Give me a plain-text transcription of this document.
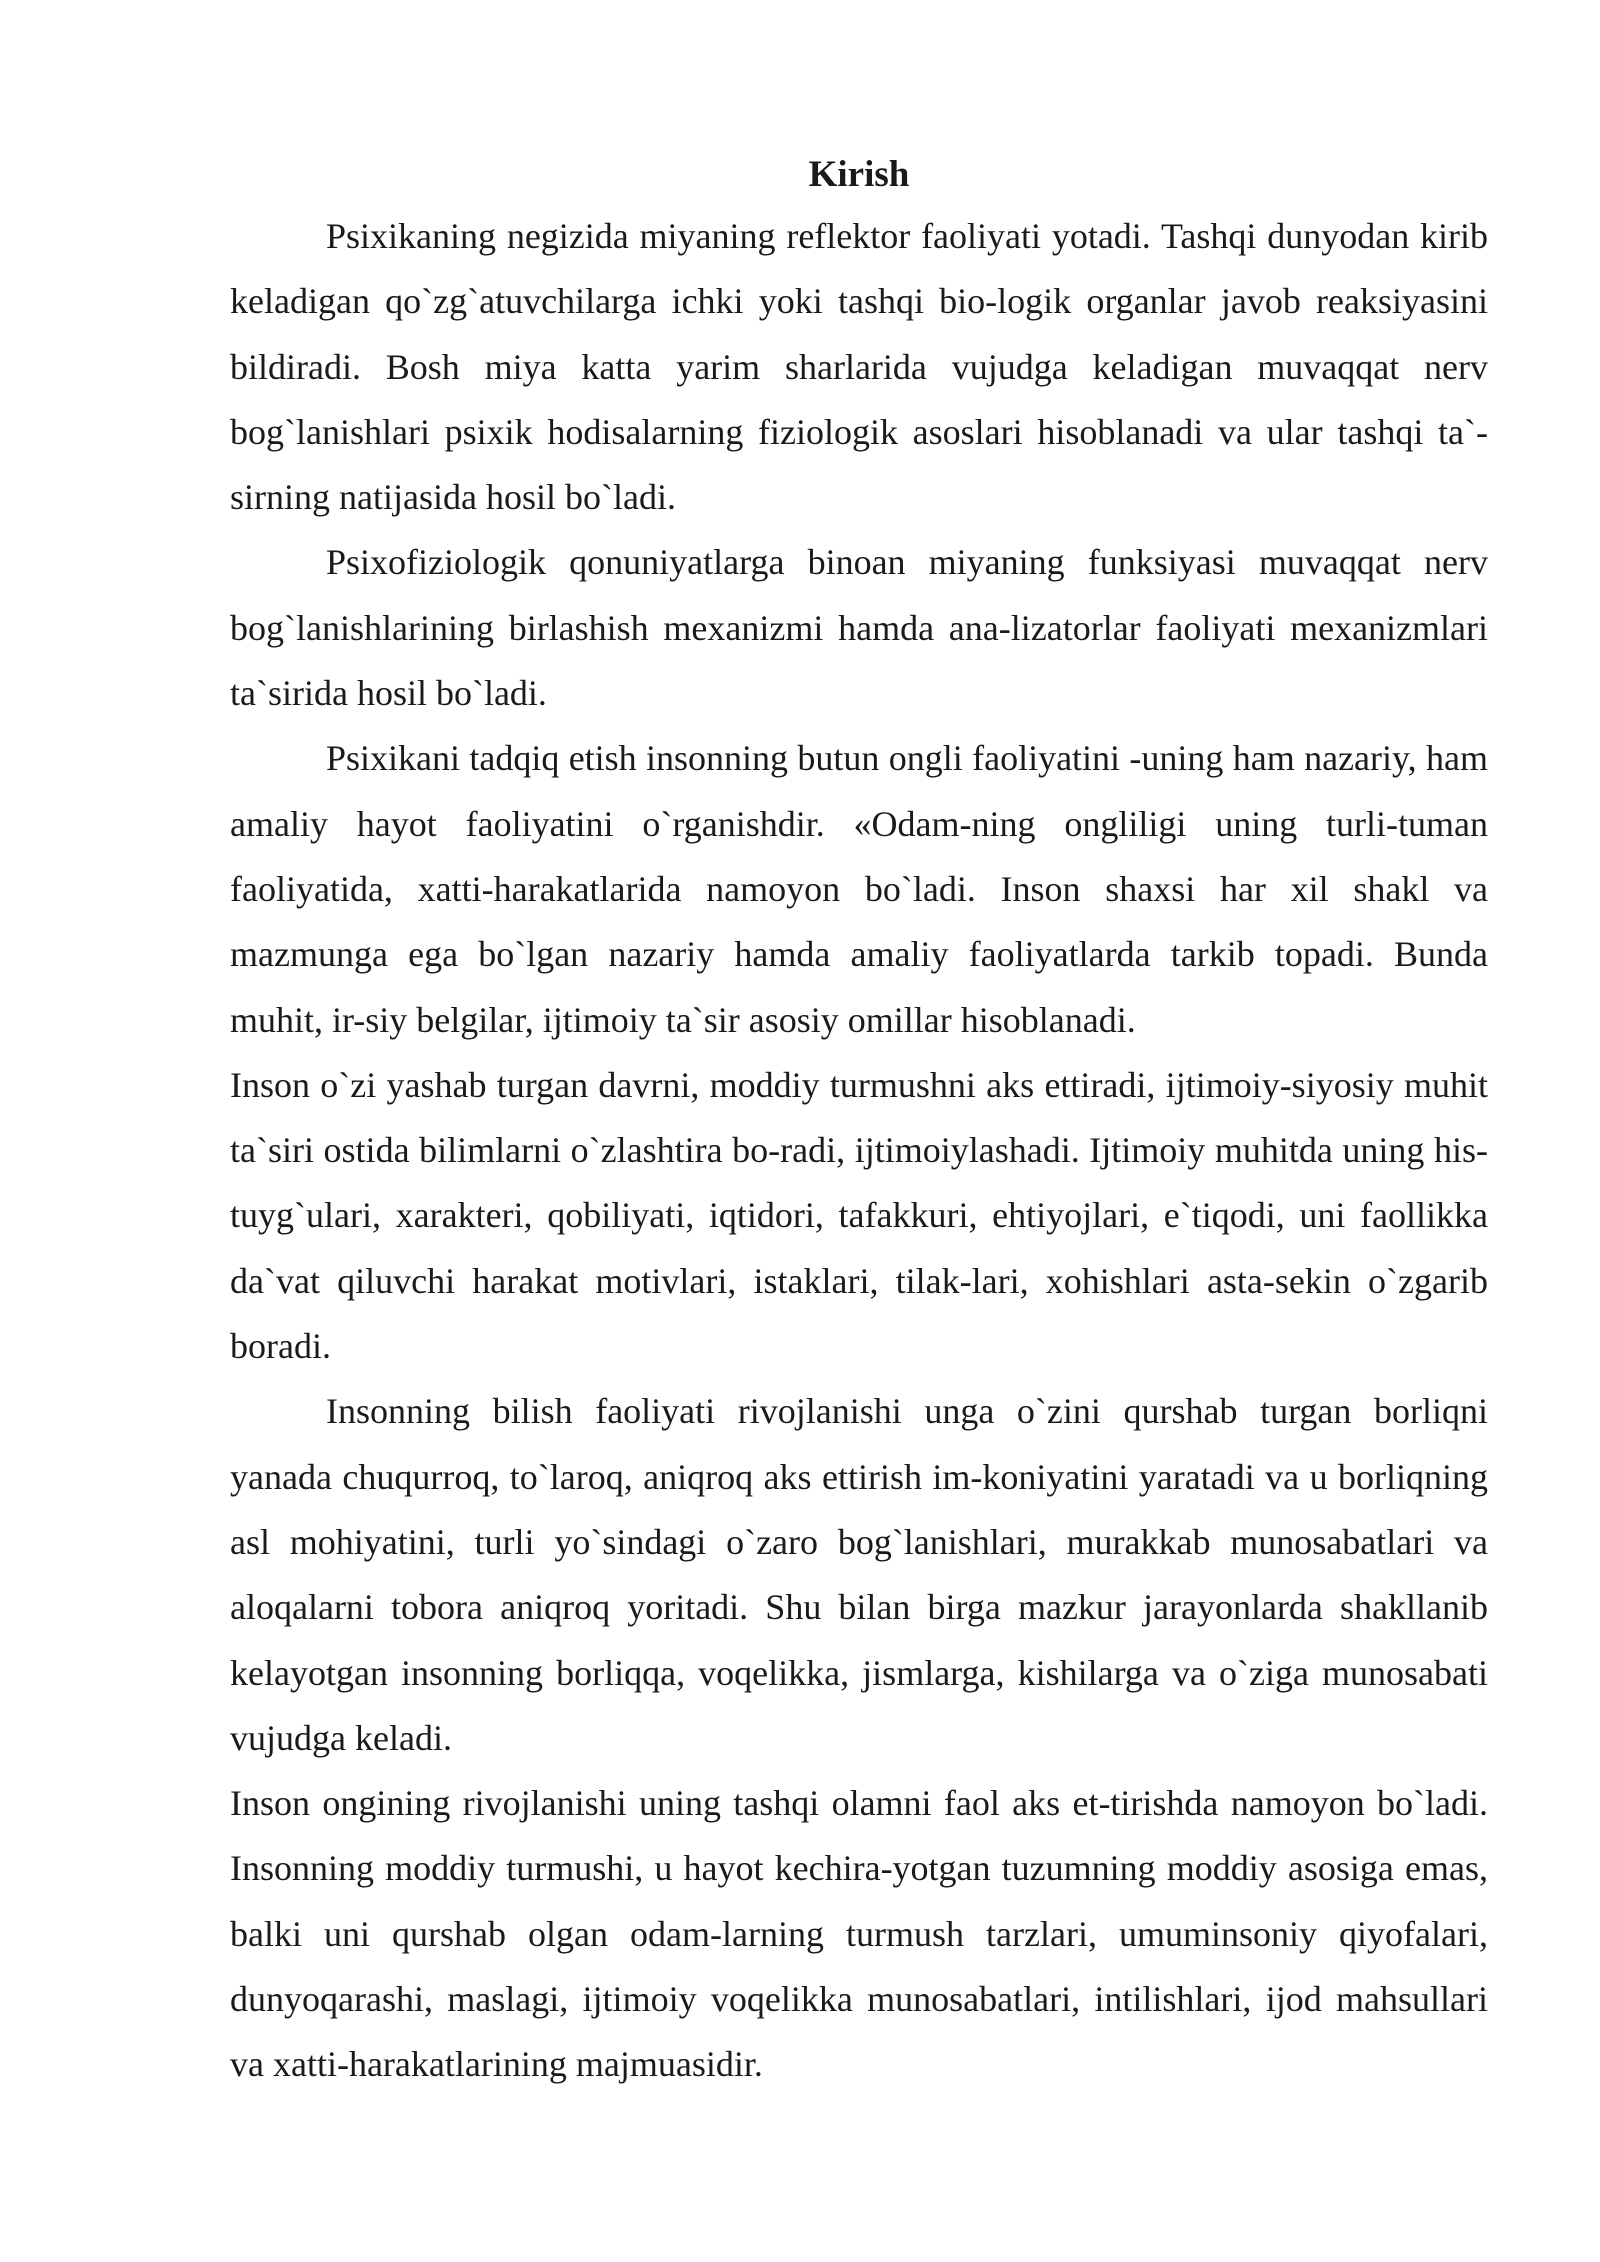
Kirish

Psixikaning negizida miyaning reflektor faoliyati yotadi. Tashqi dunyodan kirib keladigan qo`zg`atuvchilarga ichki yoki tashqi bio-logik organlar javob reaksiyasini bildiradi. Bosh miya katta yarim sharlarida vujudga keladigan muvaqqat nerv bog`lanishlari psixik hodisalarning fiziologik asoslari hisoblanadi va ular tashqi ta`-sirning natijasida hosil bo`ladi.

Psixofiziologik qonuniyatlarga binoan miyaning funksiyasi muvaqqat nerv bog`lanishlarining birlashish mexanizmi hamda ana-lizatorlar faoliyati mexanizmlari ta`sirida hosil bo`ladi.

Psixikani tadqiq etish insonning butun ongli faoliyatini -uning ham nazariy, ham amaliy hayot faoliyatini o`rganishdir. «Odam-ning ongliligi uning turli-tuman faoliyatida, xatti-harakatlarida namoyon bo`ladi. Inson shaxsi har xil shakl va mazmunga ega bo`lgan nazariy hamda amaliy faoliyatlarda tarkib topadi. Bunda muhit, ir-siy belgilar, ijtimoiy ta`sir asosiy omillar hisoblanadi.

Inson o`zi yashab turgan davrni, moddiy turmushni aks ettiradi, ijtimoiy-siyosiy muhit ta`siri ostida bilimlarni o`zlashtira bo-radi, ijtimoiylashadi. Ijtimoiy muhitda uning his-tuyg`ulari, xarakteri, qobiliyati, iqtidori, tafakkuri, ehtiyojlari, e`tiqodi, uni faollikka da`vat qiluvchi harakat motivlari, istaklari, tilak-lari, xohishlari asta-sekin o`zgarib boradi.

Insonning bilish faoliyati rivojlanishi unga o`zini qurshab turgan borliqni yanada chuqurroq, to`laroq, aniqroq aks ettirish im-koniyatini yaratadi va u borliqning asl mohiyatini, turli yo`sindagi o`zaro bog`lanishlari, murakkab munosabatlari va aloqalarni tobora aniqroq yoritadi. Shu bilan birga mazkur jarayonlarda shakllanib kelayotgan insonning borliqqa, voqelikka, jismlarga, kishilarga va o`ziga munosabati vujudga keladi.

Inson ongining rivojlanishi uning tashqi olamni faol aks et-tirishda namoyon bo`ladi. Insonning moddiy turmushi, u hayot kechira-yotgan tuzumning moddiy asosiga emas, balki uni qurshab olgan odam-larning turmush tarzlari, umuminsoniy qiyofalari, dunyoqarashi, maslagi, ijtimoiy voqelikka munosabatlari, intilishlari, ijod mahsullari va xatti-harakatlarining majmuasidir.
